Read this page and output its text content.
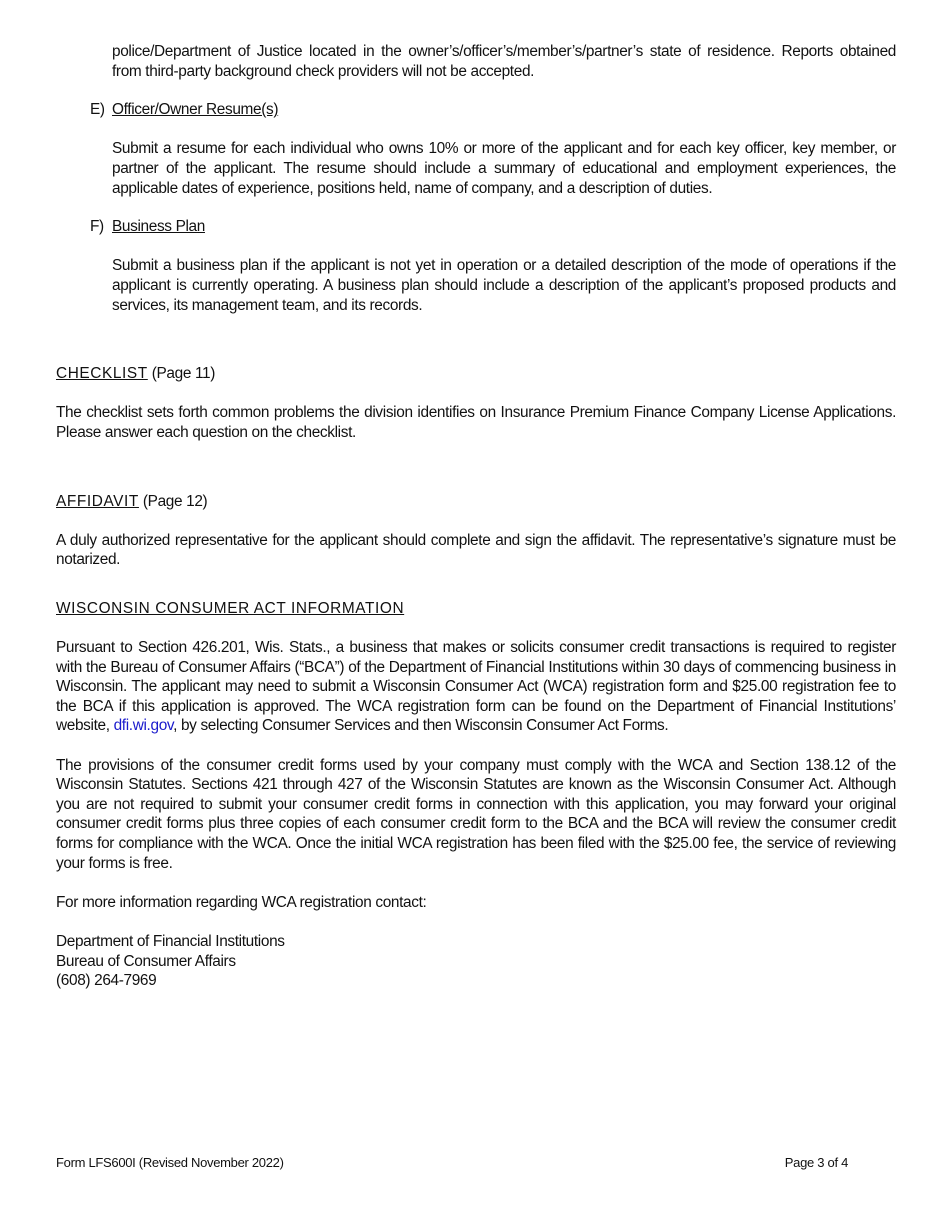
police/Department of Justice located in the owner’s/officer’s/member’s/partner’s state of residence. Reports obtained from third-party background check providers will not be accepted.

E) Officer/Owner Resume(s)

Submit a resume for each individual who owns 10% or more of the applicant and for each key officer, key member, or partner of the applicant. The resume should include a summary of educational and employment experiences, the applicable dates of experience, positions held, name of company, and a description of duties.

F) Business Plan

Submit a business plan if the applicant is not yet in operation or a detailed description of the mode of operations if the applicant is currently operating. A business plan should include a description of the applicant’s proposed products and services, its management team, and its records.

CHECKLIST (Page 11)

The checklist sets forth common problems the division identifies on Insurance Premium Finance Company License Applications. Please answer each question on the checklist.

AFFIDAVIT (Page 12)

A duly authorized representative for the applicant should complete and sign the affidavit. The representative’s signature must be notarized.

WISCONSIN CONSUMER ACT INFORMATION

Pursuant to Section 426.201, Wis. Stats., a business that makes or solicits consumer credit transactions is required to register with the Bureau of Consumer Affairs (“BCA”) of the Department of Financial Institutions within 30 days of commencing business in Wisconsin. The applicant may need to submit a Wisconsin Consumer Act (WCA) registration form and $25.00 registration fee to the BCA if this application is approved. The WCA registration form can be found on the Department of Financial Institutions’ website, dfi.wi.gov, by selecting Consumer Services and then Wisconsin Consumer Act Forms.

The provisions of the consumer credit forms used by your company must comply with the WCA and Section 138.12 of the Wisconsin Statutes. Sections 421 through 427 of the Wisconsin Statutes are known as the Wisconsin Consumer Act. Although you are not required to submit your consumer credit forms in connection with this application, you may forward your original consumer credit forms plus three copies of each consumer credit form to the BCA and the BCA will review the consumer credit forms for compliance with the WCA. Once the initial WCA registration has been filed with the $25.00 fee, the service of reviewing your forms is free.

For more information regarding WCA registration contact:

Department of Financial Institutions
Bureau of Consumer Affairs
(608) 264-7969
Form LFS600I (Revised November 2022)	Page 3 of 4
